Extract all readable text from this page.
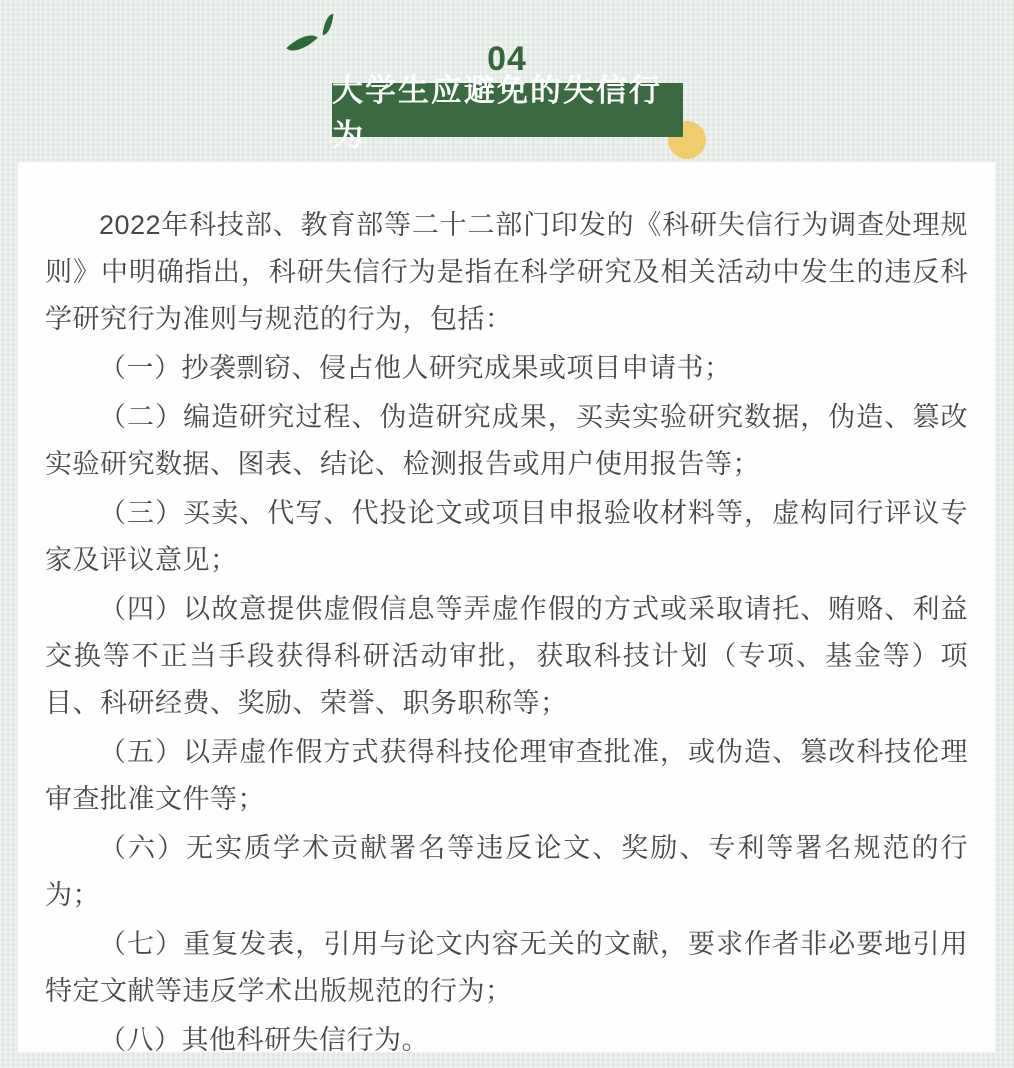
04
大学生应避免的失信行为

2022年科技部、教育部等二十二部门印发的《科研失信行为调查处理规则》中明确指出，科研失信行为是指在科学研究及相关活动中发生的违反科学研究行为准则与规范的行为，包括：

（一）抄袭剽窃、侵占他人研究成果或项目申请书；

（二）编造研究过程、伪造研究成果，买卖实验研究数据，伪造、篡改实验研究数据、图表、结论、检测报告或用户使用报告等；

（三）买卖、代写、代投论文或项目申报验收材料等，虚构同行评议专家及评议意见；

（四）以故意提供虚假信息等弄虚作假的方式或采取请托、贿赂、利益交换等不正当手段获得科研活动审批，获取科技计划（专项、基金等）项目、科研经费、奖励、荣誉、职务职称等；

（五）以弄虚作假方式获得科技伦理审查批准，或伪造、篡改科技伦理审查批准文件等；

（六）无实质学术贡献署名等违反论文、奖励、专利等署名规范的行为；

（七）重复发表，引用与论文内容无关的文献，要求作者非必要地引用特定文献等违反学术出版规范的行为；

（八）其他科研失信行为。
